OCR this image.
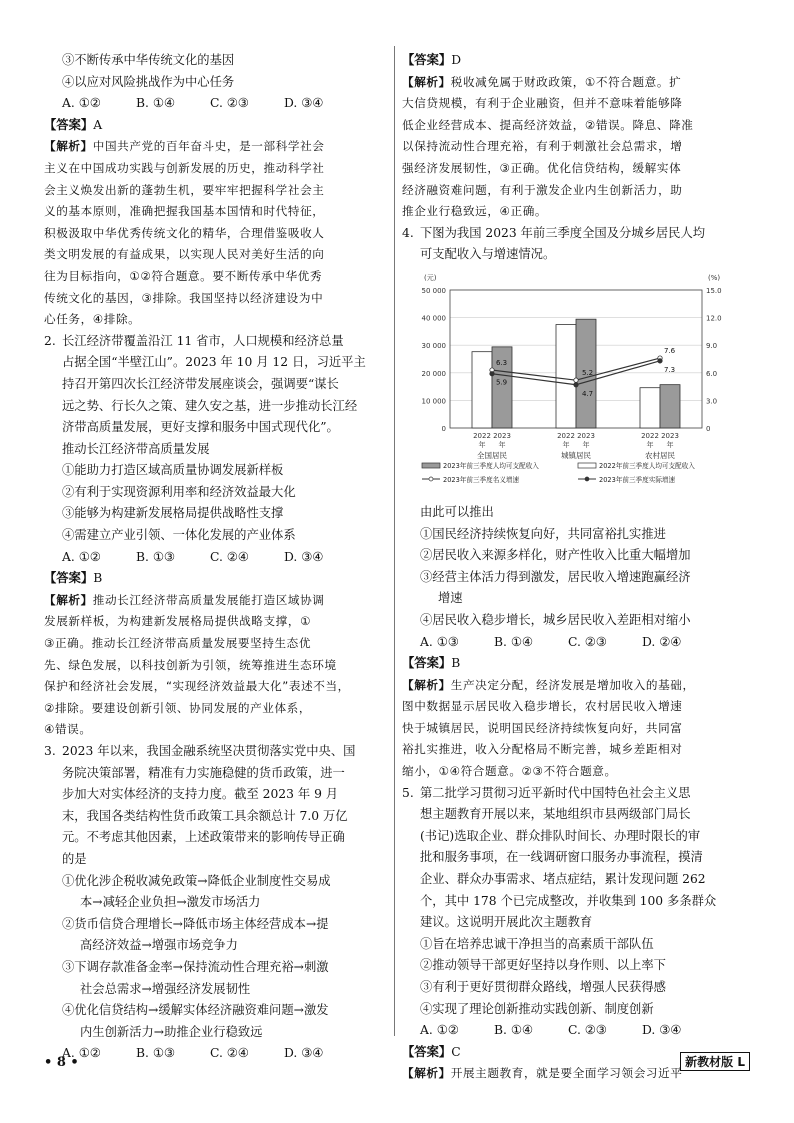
③不断传承中华传统文化的基因
④以应对风险挑战作为中心任务
A. ①②	B. ①④	C. ②③	D. ③④
【答案】A
【解析】中国共产党的百年奋斗史，是一部科学社会
主义在中国成功实践与创新发展的历史，推动科学社
会主义焕发出新的蓬勃生机，要牢牢把握科学社会主
义的基本原则，准确把握我国基本国情和时代特征，
积极汲取中华优秀传统文化的精华，合理借鉴吸收人
类文明发展的有益成果，以实现人民对美好生活的向
往为目标指向，①②符合题意。要不断传承中华优秀
传统文化的基因，③排除。我国坚持以经济建设为中
心任务，④排除。
2. 长江经济带覆盖沿江 11 省市，人口规模和经济总量
占据全国“半壁江山”。2023 年 10 月 12 日，习近平主
持召开第四次长江经济带发展座谈会，强调要“谋长
远之势、行长久之策、建久安之基，进一步推动长江经
济带高质量发展，更好支撑和服务中国式现代化”。
推动长江经济带高质量发展
①能助力打造区域高质量协调发展新样板
②有利于实现资源利用率和经济效益最大化
③能够为构建新发展格局提供战略性支撑
④需建立产业引领、一体化发展的产业体系
A. ①②	B. ①③	C. ②④	D. ③④
【答案】B
【解析】推动长江经济带高质量发展能打造区域协调
发展新样板，为构建新发展格局提供战略支撑，①
③正确。推动长江经济带高质量发展要坚持生态优
先、绿色发展，以科技创新为引领，统筹推进生态环境
保护和经济社会发展，“实现经济效益最大化”表述不当，
②排除。要建设创新引领、协同发展的产业体系，
④错误。
3. 2023 年以来，我国金融系统坚决贯彻落实党中央、国
务院决策部署，精准有力实施稳健的货币政策，进一
步加大对实体经济的支持力度。截至 2023 年 9 月
末，我国各类结构性货币政策工具余额总计 7.0 万亿
元。不考虑其他因素，上述政策带来的影响传导正确
的是
①优化涉企税收减免政策→降低企业制度性交易成
本→减轻企业负担→激发市场活力
②货币信贷合理增长→降低市场主体经营成本→提
高经济效益→增强市场竞争力
③下调存款准备金率→保持流动性合理充裕→刺激
社会总需求→增强经济发展韧性
④优化信贷结构→缓解实体经济融资难问题→激发
内生创新活力→助推企业行稳致远
A. ①②	B. ①③	C. ②④	D. ③④
【答案】D
【解析】税收减免属于财政政策，①不符合题意。扩
大信贷规模，有利于企业融资，但并不意味着能够降
低企业经营成本、提高经济效益，②错误。降息、降准
以保持流动性合理充裕，有利于刺激社会总需求，增
强经济发展韧性，③正确。优化信贷结构，缓解实体
经济融资难问题，有利于激发企业内生创新活力，助
推企业行稳致远，④正确。
4. 下图为我国 2023 年前三季度全国及分城乡居民人均
可支配收入与增速情况。
(元)	(%)
0	0
10 000	3.0
20 000	6.0
30 000	9.0
40 000	12.0
50 000	15.0
2022
年
2023
年
全国居民
2022
年
2023
年
城镇居民
2022
年
2023
年
农村居民
6.3
5.2
7.6
5.9
4.7
7.3
2023年前三季度人均可支配收入	2022年前三季度人均可支配收入
2023年前三季度名义增速	2023年前三季度实际增速
由此可以推出
①国民经济持续恢复向好，共同富裕扎实推进
②居民收入来源多样化，财产性收入比重大幅增加
③经营主体活力得到激发，居民收入增速跑赢经济
增速
④居民收入稳步增长，城乡居民收入差距相对缩小
A. ①③	B. ①④	C. ②③	D. ②④
【答案】B
【解析】生产决定分配，经济发展是增加收入的基础，
图中数据显示居民收入稳步增长，农村居民收入增速
快于城镇居民，说明国民经济持续恢复向好，共同富
裕扎实推进，收入分配格局不断完善，城乡差距相对
缩小，①④符合题意。②③不符合题意。
5. 第二批学习贯彻习近平新时代中国特色社会主义思
想主题教育开展以来，某地组织市县两级部门局长
(书记)选取企业、群众排队时间长、办理时限长的审
批和服务事项，在一线调研窗口服务办事流程，摸清
企业、群众办事需求、堵点症结，累计发现问题 262
个，其中 178 个已完成整改，并收集到 100 多条群众
建议。这说明开展此次主题教育
①旨在培养忠诚干净担当的高素质干部队伍
②推动领导干部更好坚持以身作则、以上率下
③有利于更好贯彻群众路线，增强人民获得感
④实现了理论创新推动实践创新、制度创新
A. ①②	B. ①④	C. ②③	D. ③④
【答案】C
【解析】开展主题教育，就是要全面学习领会习近平
• 8 •	新教材版 L
